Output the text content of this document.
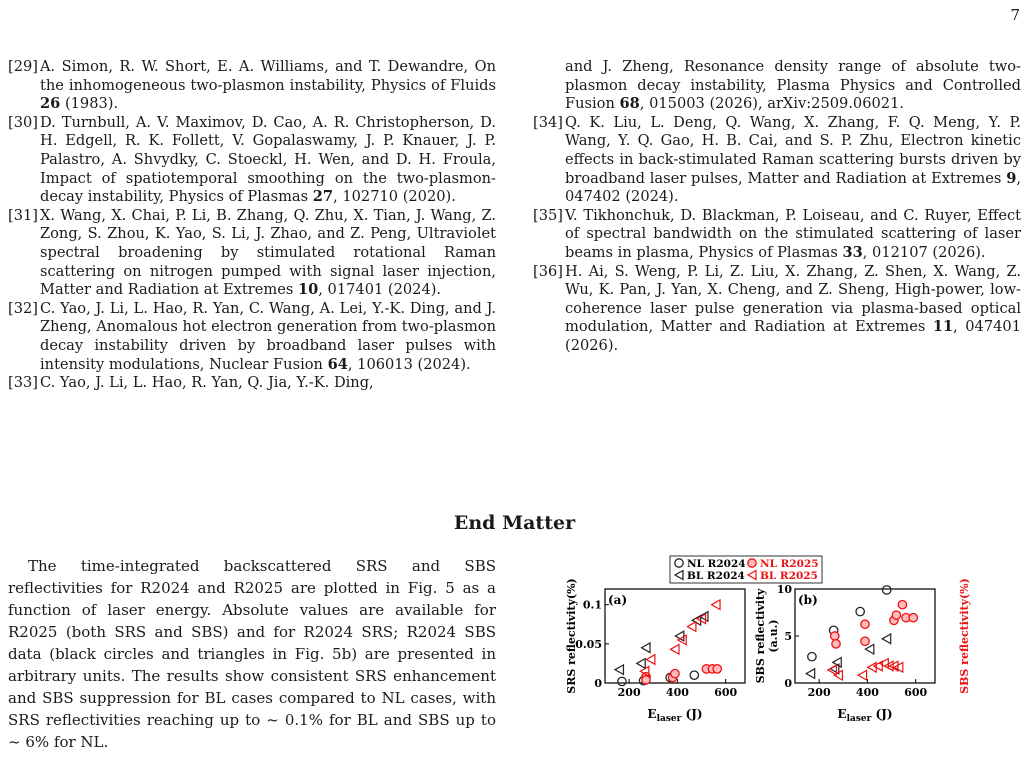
7
[29] A. Simon, R. W. Short, E. A. Williams, and T. Dewandre, On the inhomogeneous two-plasmon instability, Physics of Fluids 26 (1983).
[30] D. Turnbull, A. V. Maximov, D. Cao, A. R. Christopherson, D. H. Edgell, R. K. Follett, V. Gopalaswamy, J. P. Knauer, J. P. Palastro, A. Shvydky, C. Stoeckl, H. Wen, and D. H. Froula, Impact of spatiotemporal smoothing on the two-plasmon-decay instability, Physics of Plasmas 27, 102710 (2020).
[31] X. Wang, X. Chai, P. Li, B. Zhang, Q. Zhu, X. Tian, J. Wang, Z. Zong, S. Zhou, K. Yao, S. Li, J. Zhao, and Z. Peng, Ultraviolet spectral broadening by stimulated rotational Raman scattering on nitrogen pumped with signal laser injection, Matter and Radiation at Extremes 10, 017401 (2024).
[32] C. Yao, J. Li, L. Hao, R. Yan, C. Wang, A. Lei, Y.-K. Ding, and J. Zheng, Anomalous hot electron generation from two-plasmon decay instability driven by broadband laser pulses with intensity modulations, Nuclear Fusion 64, 106013 (2024).
[33] C. Yao, J. Li, L. Hao, R. Yan, Q. Jia, Y.-K. Ding,
and J. Zheng, Resonance density range of absolute two-plasmon decay instability, Plasma Physics and Controlled Fusion 68, 015003 (2026), arXiv:2509.06021.
[34] Q. K. Liu, L. Deng, Q. Wang, X. Zhang, F. Q. Meng, Y. P. Wang, Y. Q. Gao, H. B. Cai, and S. P. Zhu, Electron kinetic effects in back-stimulated Raman scattering bursts driven by broadband laser pulses, Matter and Radiation at Extremes 9, 047402 (2024).
[35] V. Tikhonchuk, D. Blackman, P. Loiseau, and C. Ruyer, Effect of spectral bandwidth on the stimulated scattering of laser beams in plasma, Physics of Plasmas 33, 012107 (2026).
[36] H. Ai, S. Weng, P. Li, Z. Liu, X. Zhang, Z. Shen, X. Wang, Z. Wu, K. Pan, J. Yan, X. Cheng, and Z. Sheng, High-power, low-coherence laser pulse generation via plasma-based optical modulation, Matter and Radiation at Extremes 11, 047401 (2026).
End Matter
The time-integrated backscattered SRS and SBS reflectivities for R2024 and R2025 are plotted in Fig. 5 as a function of laser energy. Absolute values are available for R2025 (both SRS and SBS) and for R2024 SRS; R2024 SBS data (black circles and triangles in Fig. 5b) are presented in arbitrary units. The results show consistent SRS enhancement and SBS suppression for BL cases compared to NL cases, with SRS reflectivities reaching up to ~ 0.1% for BL and SBS up to ~ 6% for NL.
NL R2024 NL R2025
BL R2024 BL R2025
(a)
SRS reflectivity(%)
$E_{laser}$ (J)
200 400 600
0
0.05
0.1	(b)
SBS reflectivity (a.u.)	SBS reflectivity(%)
$E_{laser}$ (J)
200 400 600
0
5
10
